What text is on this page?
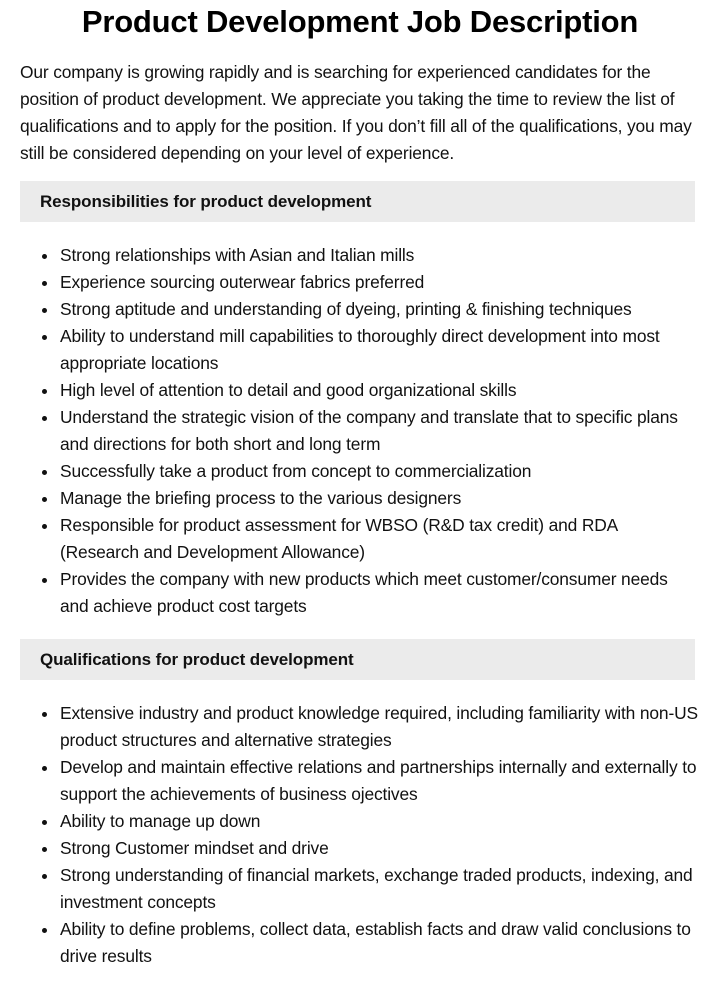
Product Development Job Description

Our company is growing rapidly and is searching for experienced candidates for the position of product development. We appreciate you taking the time to review the list of qualifications and to apply for the position. If you don’t fill all of the qualifications, you may still be considered depending on your level of experience.

Responsibilities for product development
Strong relationships with Asian and Italian mills
Experience sourcing outerwear fabrics preferred
Strong aptitude and understanding of dyeing, printing & finishing techniques
Ability to understand mill capabilities to thoroughly direct development into most appropriate locations
High level of attention to detail and good organizational skills
Understand the strategic vision of the company and translate that to specific plans and directions for both short and long term
Successfully take a product from concept to commercialization
Manage the briefing process to the various designers
Responsible for product assessment for WBSO (R&D tax credit) and RDA (Research and Development Allowance)
Provides the company with new products which meet customer/consumer needs and achieve product cost targets
Qualifications for product development
Extensive industry and product knowledge required, including familiarity with non-US product structures and alternative strategies
Develop and maintain effective relations and partnerships internally and externally to support the achievements of business ojectives
Ability to manage up down
Strong Customer mindset and drive
Strong understanding of financial markets, exchange traded products, indexing, and investment concepts
Ability to define problems, collect data, establish facts and draw valid conclusions to drive results
